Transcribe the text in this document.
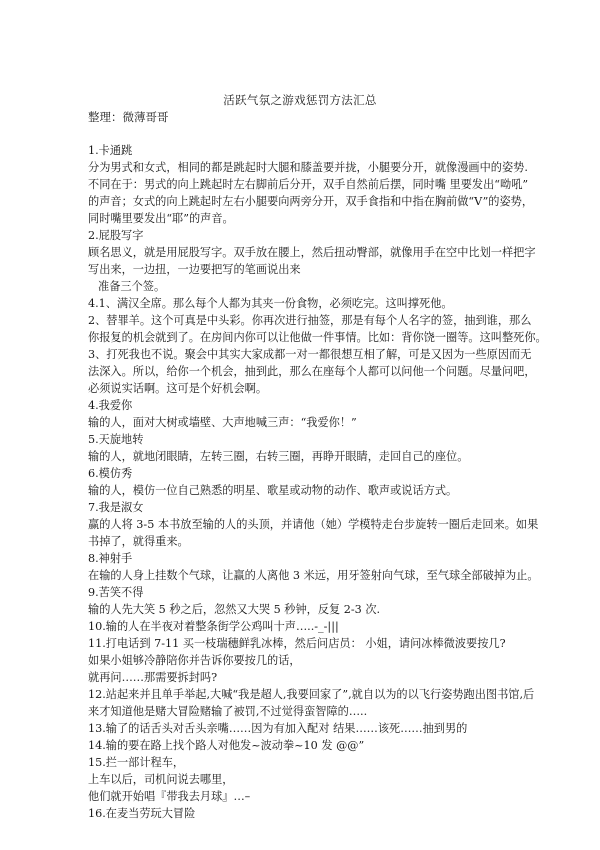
活跃气氛之游戏惩罚方法汇总
整理：微薄哥哥
1.卡通跳
分为男式和女式，相同的都是跳起时大腿和膝盖要并拢，小腿要分开，就像漫画中的姿势.
不同在于：男式的向上跳起时左右脚前后分开，双手自然前后摆，同时嘴 里要发出“呦吼”
的声音；女式的向上跳起时左右小腿要向两旁分开，双手食指和中指在胸前做“V”的姿势，
同时嘴里要发出“耶”的声音。
2.屁股写字
顾名思义，就是用屁股写字。双手放在腰上，然后扭动臀部，就像用手在空中比划一样把字
写出来，一边扭，一边要把写的笔画说出来
准备三个签。
4.1、满汉全席。那么每个人都为其夹一份食物，必须吃完。这叫撑死他。
2、替罪羊。这个可真是中头彩。你再次进行抽签，那是有每个人名字的签，抽到谁，那么
你报复的机会就到了。在房间内你可以让他做一件事情。比如：背你饶一圈等。这叫整死你。
3、打死我也不说。聚会中其实大家成都一对一都很想互相了解，可是又因为一些原因而无
法深入。所以，给你一个机会，抽到此，那么在座每个人都可以问他一个问题。尽量问吧，
必须说实话啊。这可是个好机会啊。
4.我爱你
输的人，面对大树或墙壁、大声地喊三声：“我爱你！”
5.天旋地转
输的人，就地闭眼睛，左转三圈，右转三圈，再睁开眼睛，走回自己的座位。
6.模仿秀
输的人，模仿一位自己熟悉的明星、歌星或动物的动作、歌声或说话方式。
7.我是淑女
赢的人将 3-5 本书放至输的人的头顶，并请他（她）学模特走台步旋转一圈后走回来。如果
书掉了，就得重来。
8.神射手
在输的人身上挂数个气球，让赢的人离他 3 米远，用牙签射向气球，至气球全部破掉为止。
9.苦笑不得
输的人先大笑 5 秒之后，忽然又大哭 5 秒钟，反复 2-3 次.
10.输的人在半夜对着整条街学公鸡叫十声…..-_-|||
11.打电话到 7-11 买一枝瑞穗鲜乳冰棒，然后问店员： 小姐，请问冰棒微波要按几?
如果小姐够冷静陪你并告诉你要按几的话，
就再问……那需要拆封吗?
12.站起来并且单手举起,大喊“我是超人,我要回家了”,就自以为的以飞行姿势跑出图书馆,后
来才知道他是赌大冒险赌输了被罚,不过觉得蛮智障的…..
13.输了的话舌头对舌头亲嘴……因为有加入配对 结果……该死……抽到男的
14.输的要在路上找个路人对他发~波动拳~10 发 @@”
15.拦一部计程车，
上车以后，司机问说去哪里，
他们就开始唱『带我去月球』…–
16.在麦当劳玩大冒险
